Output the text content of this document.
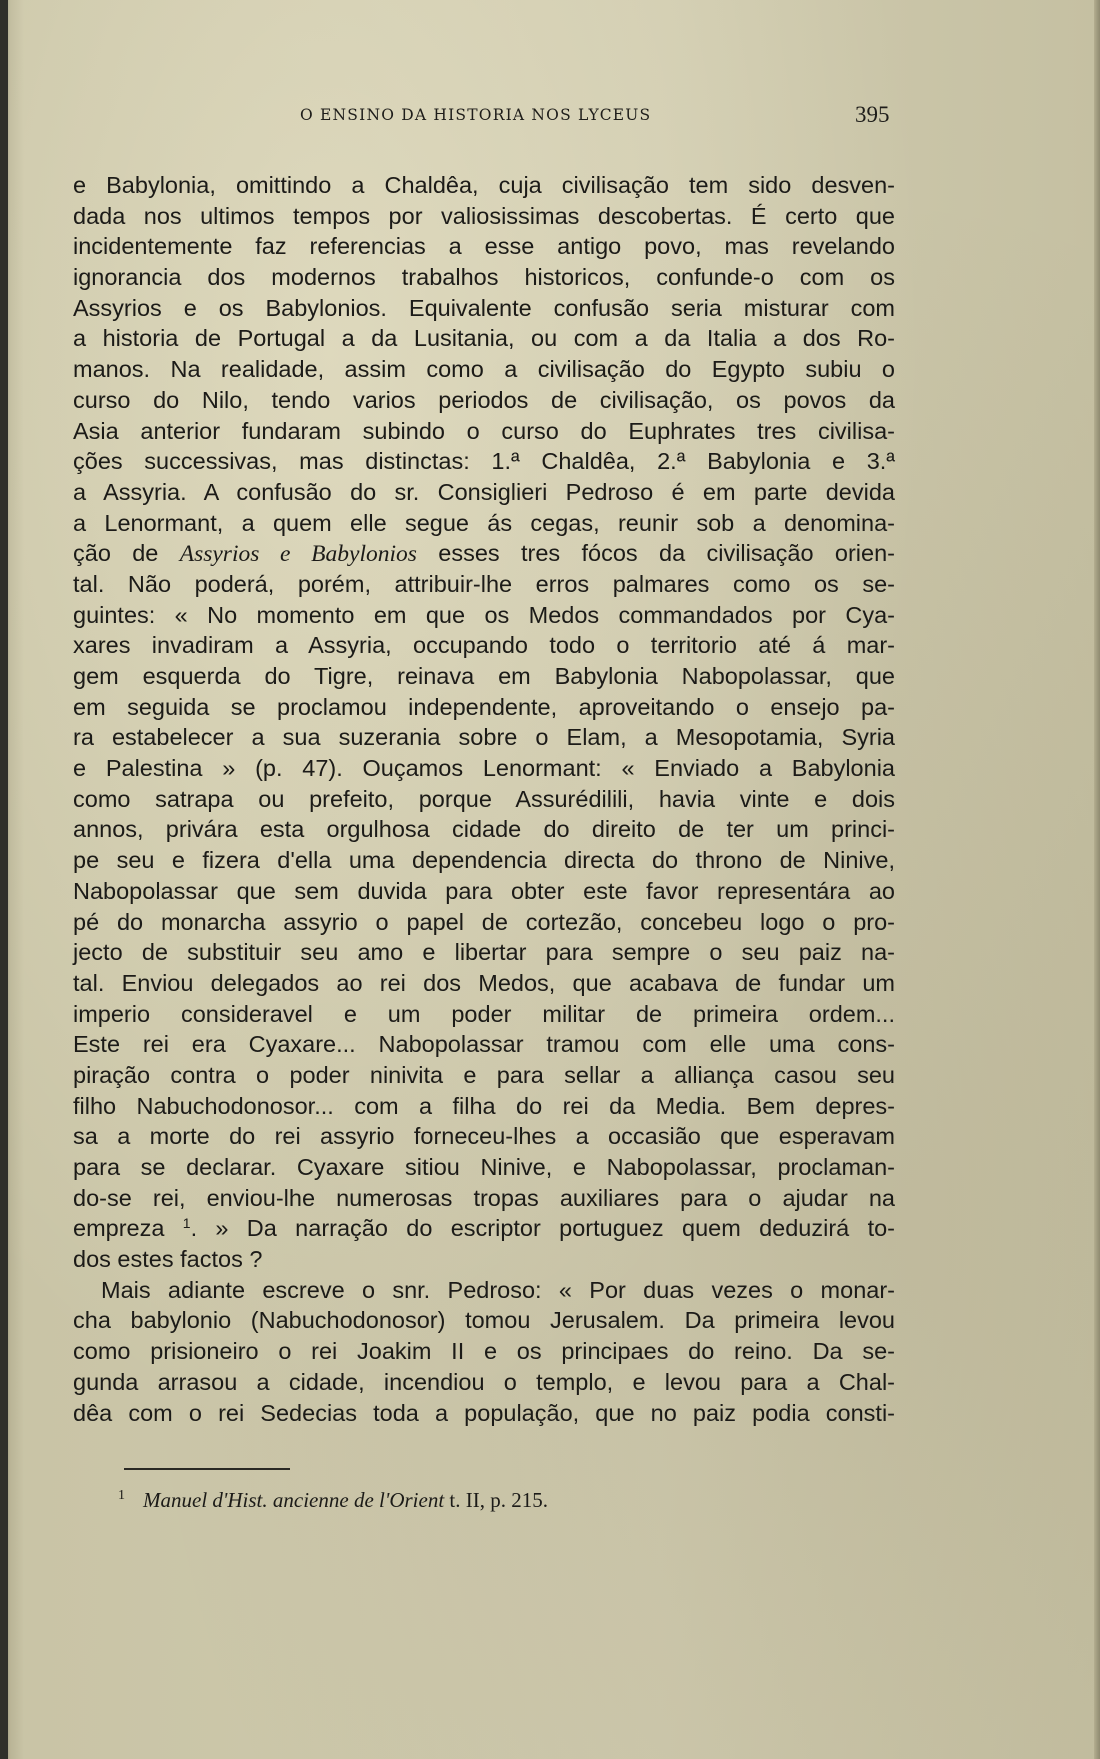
O ENSINO DA HISTORIA NOS LYCEUS	395
e Babylonia, omittindo a Chaldêa, cuja civilisação tem sido desven-
dada nos ultimos tempos por valiosissimas descobertas. É certo que
incidentemente faz referencias a esse antigo povo, mas revelando
ignorancia dos modernos trabalhos historicos, confunde-o com os
Assyrios e os Babylonios. Equivalente confusão seria misturar com
a historia de Portugal a da Lusitania, ou com a da Italia a dos Ro-
manos. Na realidade, assim como a civilisação do Egypto subiu o
curso do Nilo, tendo varios periodos de civilisação, os povos da
Asia anterior fundaram subindo o curso do Euphrates tres civilisa-
ções successivas, mas distinctas: 1.ª Chaldêa, 2.ª Babylonia e 3.ª
a Assyria. A confusão do sr. Consiglieri Pedroso é em parte devida
a Lenormant, a quem elle segue ás cegas, reunir sob a denomina-
ção de Assyrios e Babylonios esses tres fócos da civilisação orien-
tal. Não poderá, porém, attribuir-lhe erros palmares como os se-
guintes: « No momento em que os Medos commandados por Cya-
xares invadiram a Assyria, occupando todo o territorio até á mar-
gem esquerda do Tigre, reinava em Babylonia Nabopolassar, que
em seguida se proclamou independente, aproveitando o ensejo pa-
ra estabelecer a sua suzerania sobre o Elam, a Mesopotamia, Syria
e Palestina » (p. 47). Ouçamos Lenormant: « Enviado a Babylonia
como satrapa ou prefeito, porque Assurédilili, havia vinte e dois
annos, privára esta orgulhosa cidade do direito de ter um princi-
pe seu e fizera d'ella uma dependencia directa do throno de Ninive,
Nabopolassar que sem duvida para obter este favor representára ao
pé do monarcha assyrio o papel de cortezão, concebeu logo o pro-
jecto de substituir seu amo e libertar para sempre o seu paiz na-
tal. Enviou delegados ao rei dos Medos, que acabava de fundar um
imperio consideravel e um poder militar de primeira ordem...
Este rei era Cyaxare... Nabopolassar tramou com elle uma cons-
piração contra o poder ninivita e para sellar a alliança casou seu
filho Nabuchodonosor... com a filha do rei da Media. Bem depres-
sa a morte do rei assyrio forneceu-lhes a occasião que esperavam
para se declarar. Cyaxare sitiou Ninive, e Nabopolassar, proclaman-
do-se rei, enviou-lhe numerosas tropas auxiliares para o ajudar na
empreza $^1$. » Da narração do escriptor portuguez quem deduzirá to-
dos estes factos ?
Mais adiante escreve o snr. Pedroso: « Por duas vezes o monar-
cha babylonio (Nabuchodonosor) tomou Jerusalem. Da primeira levou
como prisioneiro o rei Joakim II e os principaes do reino. Da se-
gunda arrasou a cidade, incendiou o templo, e levou para a Chal-
dêa com o rei Sedecias toda a população, que no paiz podia consti-
$^1$ Manuel d'Hist. ancienne de l'Orient t. II, p. 215.
